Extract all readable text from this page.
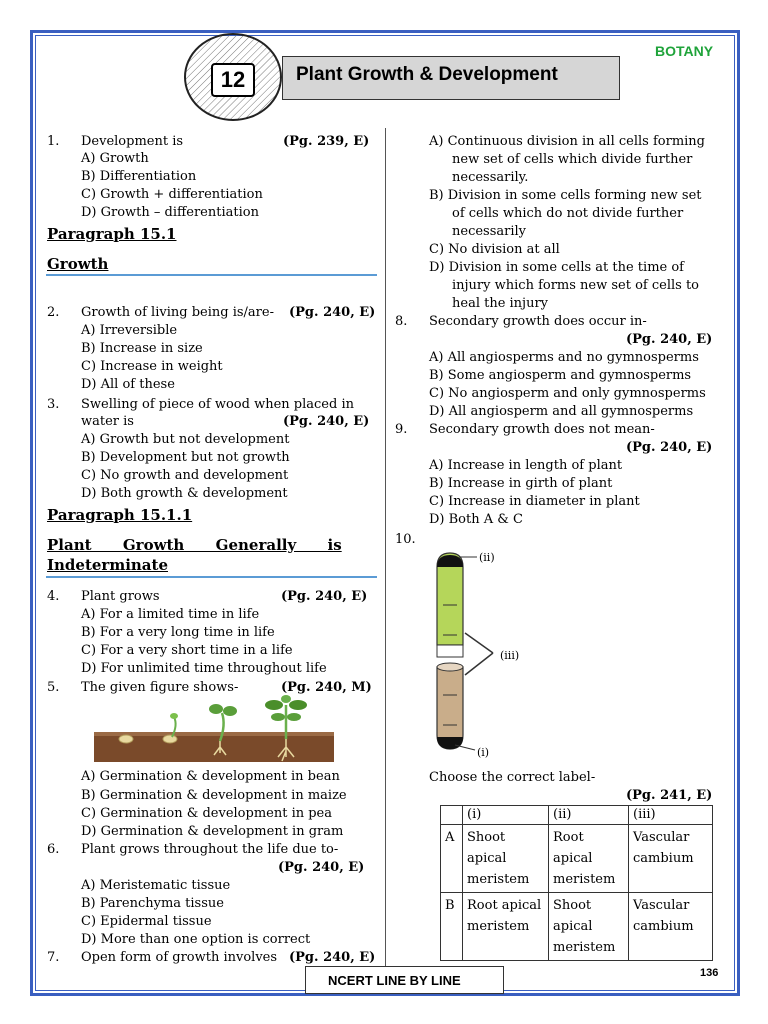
12	Plant Growth & Development
BOTANY
1. Development is	(Pg. 239, E)
A) Growth
B) Differentiation
C) Growth + differentiation
D) Growth – differentiation
Paragraph 15.1
Growth
2. Growth of living being is/are- (Pg. 240, E)
A) Irreversible
B) Increase in size
C) Increase in weight
D) All of these
3. Swelling of piece of wood when placed in
water is	(Pg. 240, E)
A) Growth but not development
B) Development but not growth
C) No growth and development
D) Both growth & development
Paragraph 15.1.1
Plant      Growth      Generally      is
Indeterminate
4. Plant grows	(Pg. 240, E)
A) For a limited time in life
B) For a very long time in life
C) For a very short time in a life
D) For unlimited time throughout life
5. The given figure shows-	(Pg. 240, M)
A) Germination & development in bean
B) Germination & development in maize
C) Germination & development in pea
D) Germination & development in gram
6. Plant grows throughout the life due to-
(Pg. 240, E)
A) Meristematic tissue
B) Parenchyma tissue
C) Epidermal tissue
D) More than one option is correct
7. Open form of growth involves (Pg. 240, E)
A) Continuous division in all cells forming
new set of cells which divide further
necessarily.
B) Division in some cells forming new set
of cells which do not divide further
necessarily
C) No division at all
D) Division in some cells at the time of
injury which forms new set of cells to
heal the injury
8. Secondary growth does occur in-
(Pg. 240, E)
A) All angiosperms and no gymnosperms
B) Some angiosperm and gymnosperms
C) No angiosperm and only gymnosperms
D) All angiosperm and all gymnosperms
9. Secondary growth does not mean-
(Pg. 240, E)
A) Increase in length of plant
B) Increase in girth of plant
C) Increase in diameter in plant
D) Both A & C
10.
(ii)
(iii)
(i)
Choose the correct label-
(Pg. 241, E)
	(i)	(ii)	(iii)
A	Shoot apical meristem	Root apical meristem	Vascular cambium
B	Root apical meristem	Shoot apical meristem	Vascular cambium
NCERT LINE BY LINE	136
